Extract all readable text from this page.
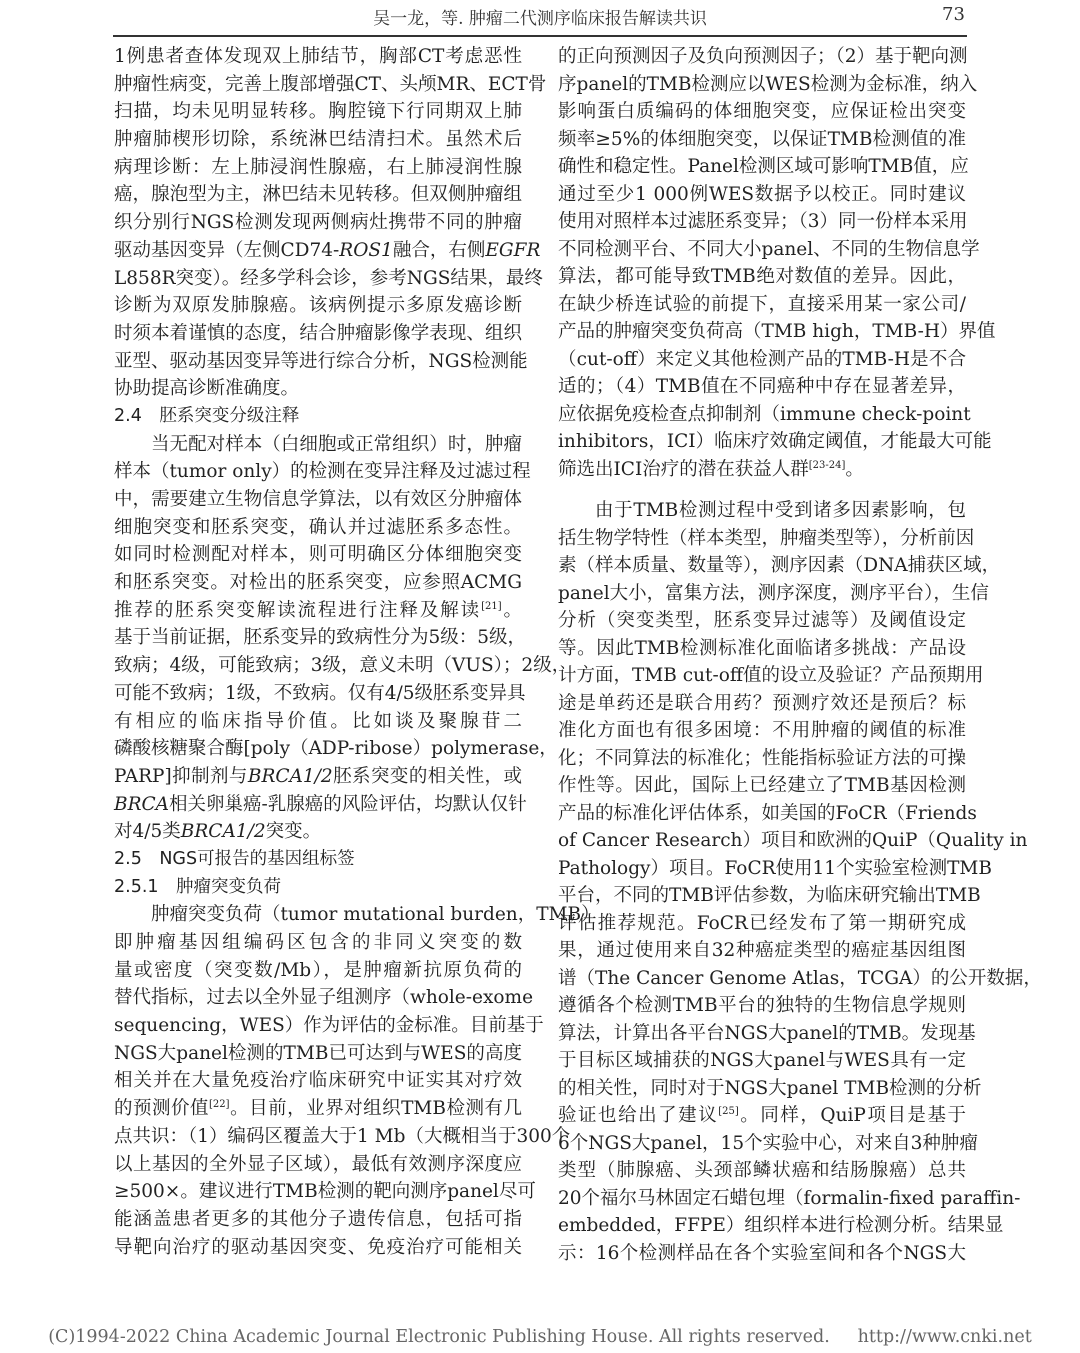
吴一龙，等. 肿瘤二代测序临床报告解读共识	73
1例患者查体发现双上肺结节，胸部CT考虑恶性
肿瘤性病变，完善上腹部增强CT、头颅MR、ECT骨
扫描，均未见明显转移。胸腔镜下行同期双上肺
肿瘤肺楔形切除，系统淋巴结清扫术。虽然术后
病理诊断：左上肺浸润性腺癌，右上肺浸润性腺
癌，腺泡型为主，淋巴结未见转移。但双侧肿瘤组
织分别行NGS检测发现两侧病灶携带不同的肿瘤
驱动基因变异（左侧CD74-ROS1融合，右侧EGFR
L858R突变）。经多学科会诊，参考NGS结果，最终
诊断为双原发肺腺癌。该病例提示多原发癌诊断
时须本着谨慎的态度，结合肿瘤影像学表现、组织
亚型、驱动基因变异等进行综合分析，NGS检测能
协助提高诊断准确度。
2.4　胚系突变分级注释
当无配对样本（白细胞或正常组织）时，肿瘤
样本（tumor only）的检测在变异注释及过滤过程
中，需要建立生物信息学算法，以有效区分肿瘤体
细胞突变和胚系突变，确认并过滤胚系多态性。
如同时检测配对样本，则可明确区分体细胞突变
和胚系突变。对检出的胚系突变，应参照ACMG
推荐的胚系突变解读流程进行注释及解读[21]。
基于当前证据，胚系变异的致病性分为5级：5级，
致病；4级，可能致病；3级，意义未明（VUS）；2级，
可能不致病；1级，不致病。仅有4/5级胚系变异具
有相应的临床指导价值。比如谈及聚腺苷二
磷酸核糖聚合酶[poly（ADP-ribose）polymerase，
PARP]抑制剂与BRCA1/2胚系突变的相关性，或
BRCA相关卵巢癌-乳腺癌的风险评估，均默认仅针
对4/5类BRCA1/2突变。
2.5　NGS可报告的基因组标签
2.5.1　肿瘤突变负荷
肿瘤突变负荷（tumor mutational burden，TMB）
即肿瘤基因组编码区包含的非同义突变的数
量或密度（突变数/Mb），是肿瘤新抗原负荷的
替代指标，过去以全外显子组测序（whole-exome
sequencing，WES）作为评估的金标准。目前基于
NGS大panel检测的TMB已可达到与WES的高度
相关并在大量免疫治疗临床研究中证实其对疗效
的预测价值[22]。目前，业界对组织TMB检测有几
点共识：（1）编码区覆盖大于1 Mb（大概相当于300个
以上基因的全外显子区域），最低有效测序深度应
≥500×。建议进行TMB检测的靶向测序panel尽可
能涵盖患者更多的其他分子遗传信息，包括可指
导靶向治疗的驱动基因突变、免疫治疗可能相关
的正向预测因子及负向预测因子；（2）基于靶向测
序panel的TMB检测应以WES检测为金标准，纳入
影响蛋白质编码的体细胞突变，应保证检出突变
频率≥5%的体细胞突变，以保证TMB检测值的准
确性和稳定性。Panel检测区域可影响TMB值，应
通过至少1 000例WES数据予以校正。同时建议
使用对照样本过滤胚系变异；（3）同一份样本采用
不同检测平台、不同大小panel、不同的生物信息学
算法，都可能导致TMB绝对数值的差异。因此，
在缺少桥连试验的前提下，直接采用某一家公司/
产品的肿瘤突变负荷高（TMB high，TMB-H）界值
（cut-off）来定义其他检测产品的TMB-H是不合
适的；（4）TMB值在不同癌种中存在显著差异，
应依据免疫检查点抑制剂（immune check-point
inhibitors，ICI）临床疗效确定阈值，才能最大可能
筛选出ICI治疗的潜在获益人群[23-24]。
由于TMB检测过程中受到诸多因素影响，包
括生物学特性（样本类型，肿瘤类型等），分析前因
素（样本质量、数量等），测序因素（DNA捕获区域，
panel大小，富集方法，测序深度，测序平台），生信
分析（突变类型，胚系变异过滤等）及阈值设定
等。因此TMB检测标准化面临诸多挑战：产品设
计方面，TMB cut-off值的设立及验证？产品预期用
途是单药还是联合用药？预测疗效还是预后？标
准化方面也有很多困境：不用肿瘤的阈值的标准
化；不同算法的标准化；性能指标验证方法的可操
作性等。因此，国际上已经建立了TMB基因检测
产品的标准化评估体系，如美国的FoCR（Friends
of Cancer Research）项目和欧洲的QuiP（Quality in
Pathology）项目。FoCR使用11个实验室检测TMB
平台，不同的TMB评估参数，为临床研究输出TMB
评估推荐规范。FoCR已经发布了第一期研究成
果，通过使用来自32种癌症类型的癌症基因组图
谱（The Cancer Genome Atlas，TCGA）的公开数据，
遵循各个检测TMB平台的独特的生物信息学规则
算法，计算出各平台NGS大panel的TMB。发现基
于目标区域捕获的NGS大panel与WES具有一定
的相关性，同时对于NGS大panel TMB检测的分析
验证也给出了建议[25]。同样，QuiP项目是基于
6个NGS大panel，15个实验中心，对来自3种肿瘤
类型（肺腺癌、头颈部鳞状癌和结肠腺癌）总共
20个福尔马林固定石蜡包埋（formalin-fixed paraffin-
embedded，FFPE）组织样本进行检测分析。结果显
示：16个检测样品在各个实验室间和各个NGS大
(C)1994-2022 China Academic Journal Electronic Publishing House. All rights reserved. http://www.cnki.net
